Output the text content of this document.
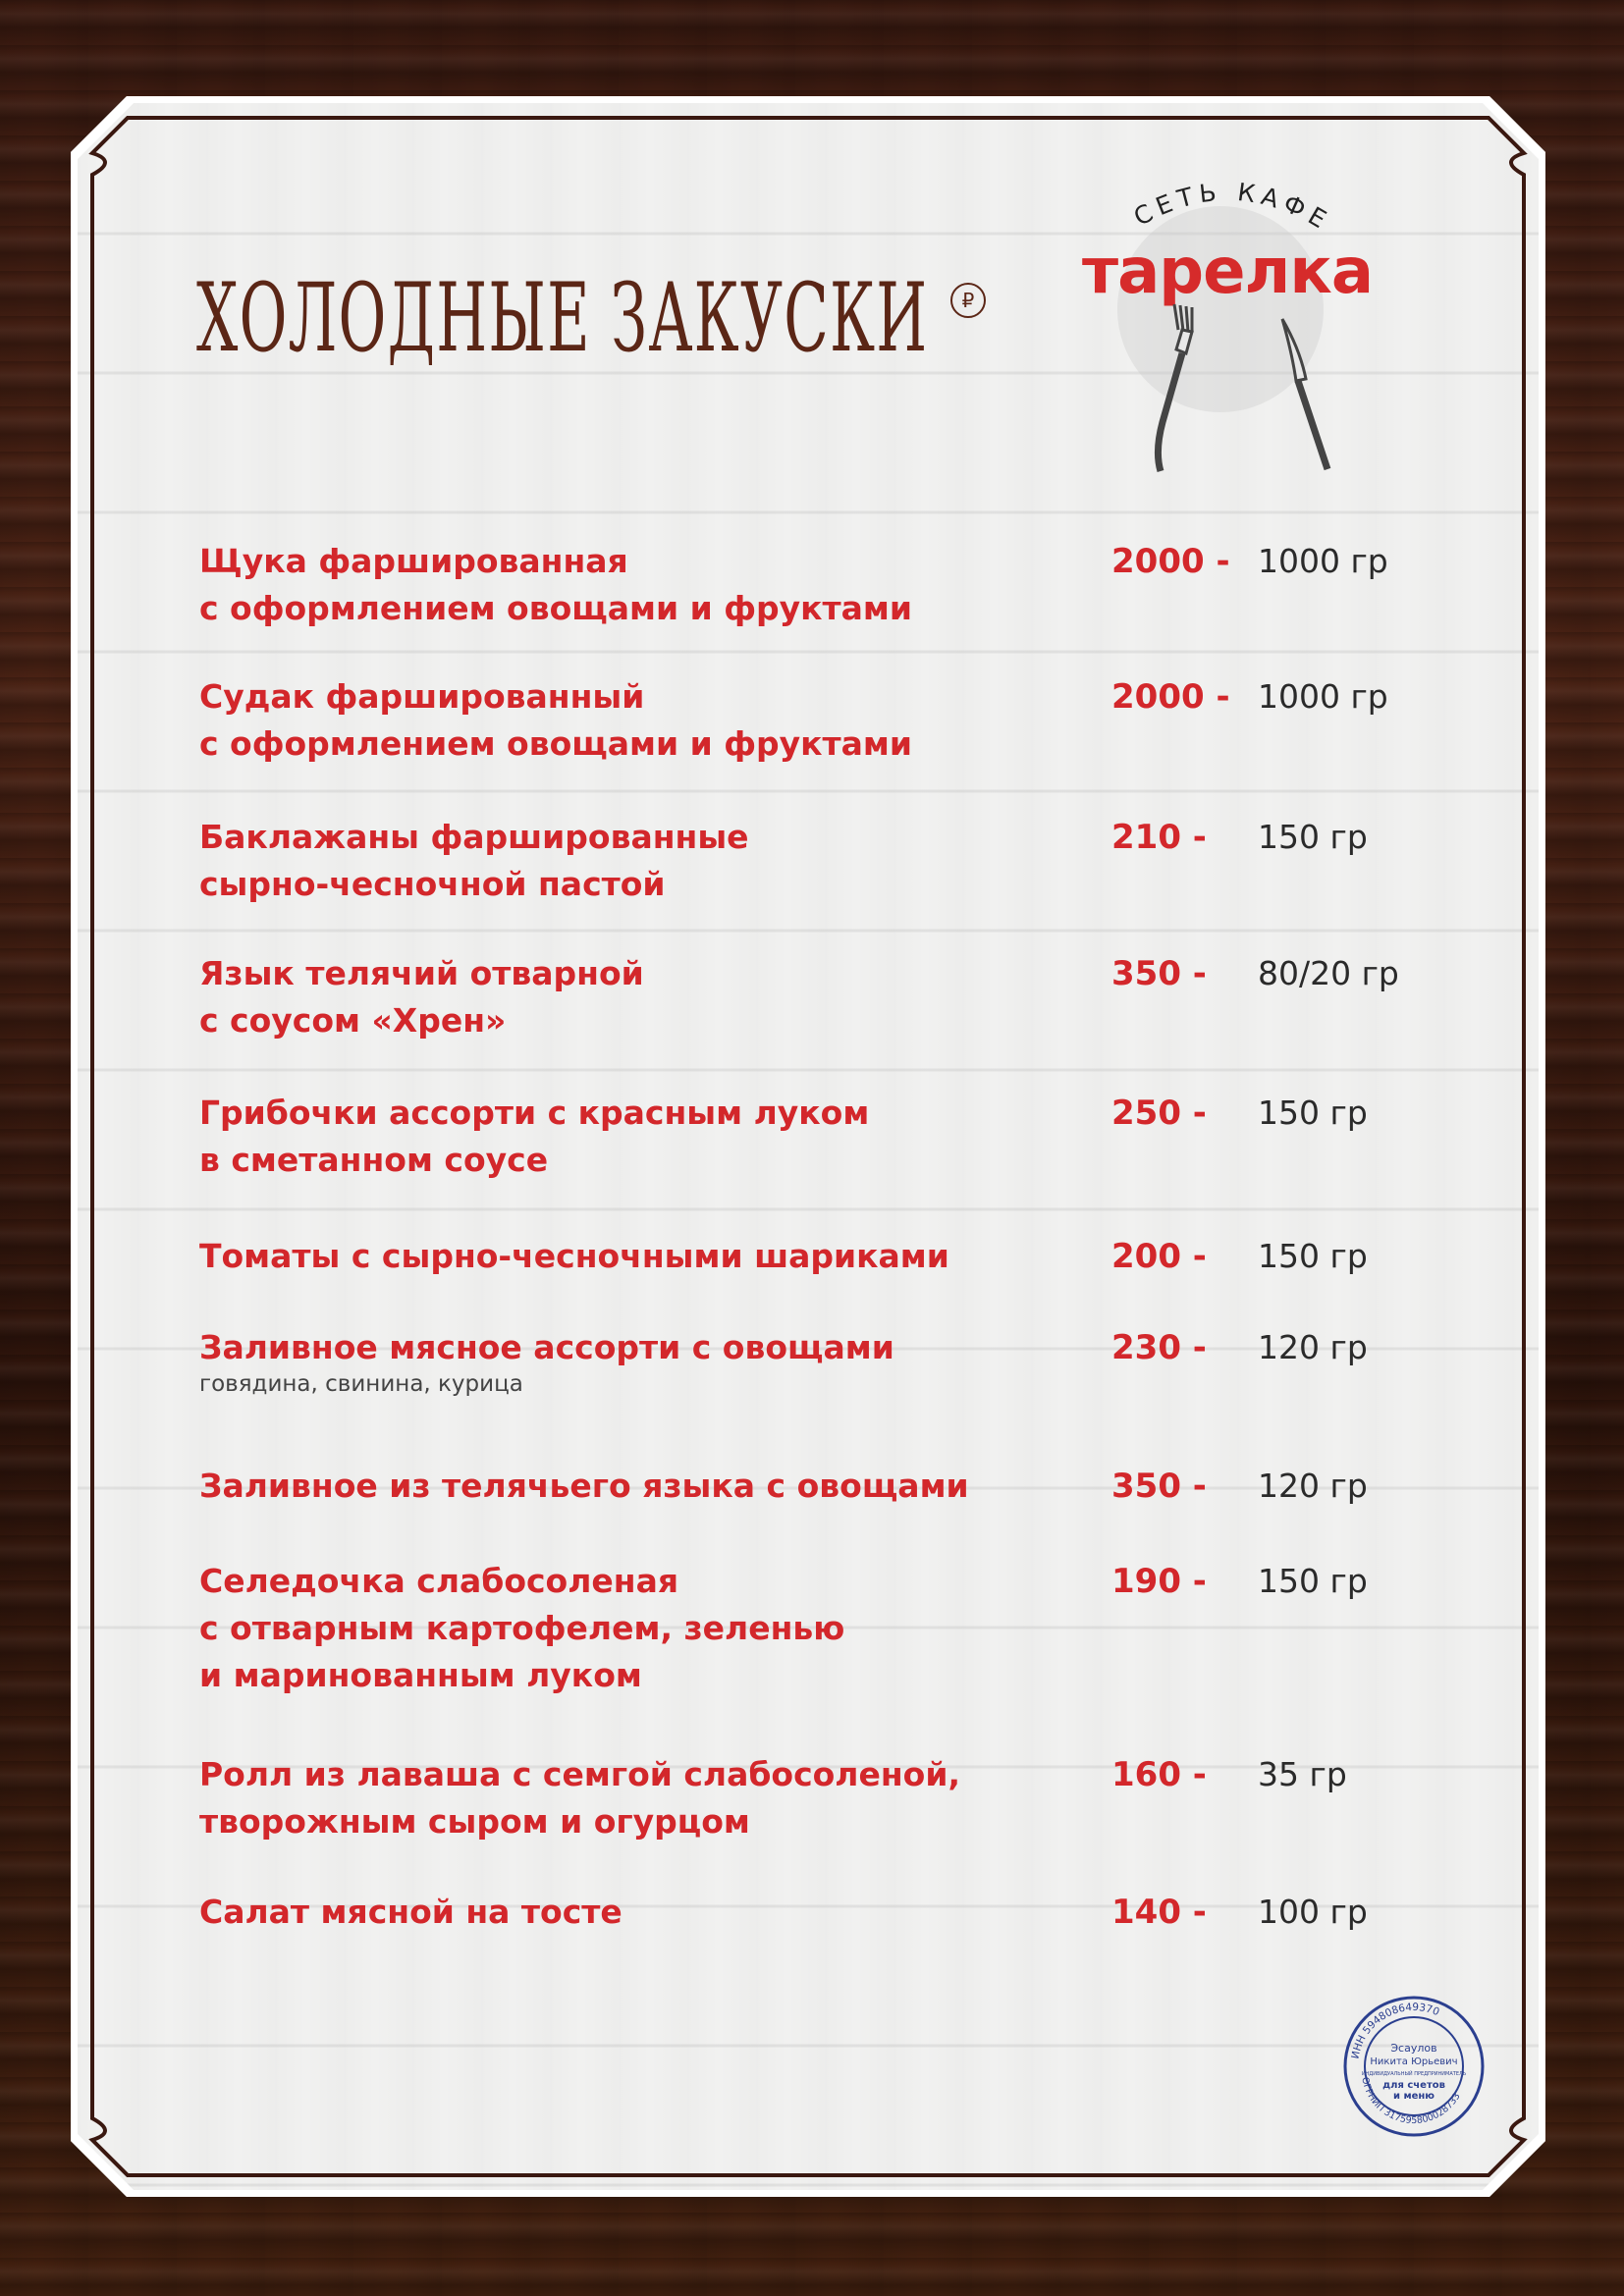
ХОЛОДНЫЕ ЗАКУСКИ	₽
СЕТЬ КАФЕ
тарелка
Щука фаршированная
с оформлением овощами и фруктами
2000 - 1000 гр
Судак фаршированный
с оформлением овощами и фруктами
2000 - 1000 гр
Баклажаны фаршированные
сырно-чесночной пастой
210 - 150 гр
Язык телячий отварной
с соусом «Хрен»
350 - 80/20 гр
Грибочки ассорти с красным луком
в сметанном соусе
250 - 150 гр
Томаты с сырно-чесночными шариками	200 - 150 гр
Заливное мясное ассорти с овощами
говядина, свинина, курица
230 - 120 гр
Заливное из телячьего языка с овощами	350 - 120 гр
Селедочка слабосоленая
с отварным картофелем, зеленью
и маринованным луком
190 - 150 гр
Ролл из лаваша с семгой слабосоленой,
творожным сыром и огурцом
160 - 35 гр
Салат мясной на тосте	140 - 100 гр
ИНН 594808649370
ОГРНИП 317595800028733
Эсаулов
Никита Юрьевич
ИНДИВИДУАЛЬНЫЙ ПРЕДПРИНИМАТЕЛЬ
для счетов
и меню
